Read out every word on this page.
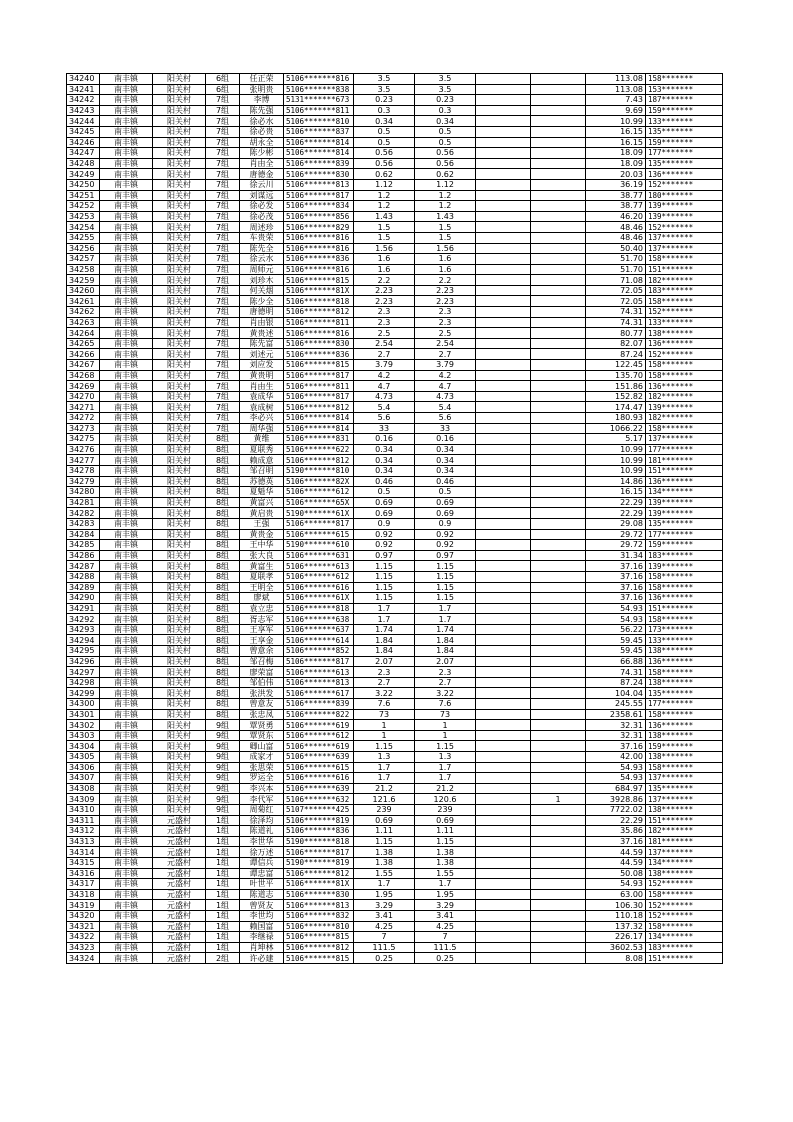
34240	南丰镇	阳关村	6组	任正荣	5106*******816	3.5	3.5			113.08	158*******
34241	南丰镇	阳关村	6组	张明贵	5106*******838	3.5	3.5			113.08	153*******
34242	南丰镇	阳关村	7组	李博	5131*******673	0.23	0.23			7.43	187*******
34243	南丰镇	阳关村	7组	陈先强	5106*******811	0.3	0.3			9.69	159*******
34244	南丰镇	阳关村	7组	徐必水	5106*******810	0.34	0.34			10.99	133*******
34245	南丰镇	阳关村	7组	徐必贵	5106*******837	0.5	0.5			16.15	135*******
34246	南丰镇	阳关村	7组	胡永全	5106*******814	0.5	0.5			16.15	159*******
34247	南丰镇	阳关村	7组	陈少彬	5106*******814	0.56	0.56			18.09	177*******
34248	南丰镇	阳关村	7组	肖由全	5106*******839	0.56	0.56			18.09	135*******
34249	南丰镇	阳关村	7组	唐德金	5106*******830	0.62	0.62			20.03	136*******
34250	南丰镇	阳关村	7组	徐云川	5106*******813	1.12	1.12			36.19	152*******
34251	南丰镇	阳关村	7组	刘谋远	5106*******817	1.2	1.2			38.77	180*******
34252	南丰镇	阳关村	7组	徐必发	5106*******834	1.2	1.2			38.77	139*******
34253	南丰镇	阳关村	7组	徐必茂	5106*******856	1.43	1.43			46.20	139*******
34254	南丰镇	阳关村	7组	周述珍	5106*******829	1.5	1.5			48.46	152*******
34255	南丰镇	阳关村	7组	车贵荣	5106*******816	1.5	1.5			48.46	137*******
34256	南丰镇	阳关村	7组	陈先全	5106*******816	1.56	1.56			50.40	137*******
34257	南丰镇	阳关村	7组	徐云水	5106*******836	1.6	1.6			51.70	158*******
34258	南丰镇	阳关村	7组	周师元	5106*******816	1.6	1.6			51.70	151*******
34259	南丰镇	阳关村	7组	刘珍木	5106*******815	2.2	2.2			71.08	182*******
34260	南丰镇	阳关村	7组	何关烟	5106*******81X	2.23	2.23			72.05	183*******
34261	南丰镇	阳关村	7组	陈少全	5106*******818	2.23	2.23			72.05	158*******
34262	南丰镇	阳关村	7组	唐德明	5106*******812	2.3	2.3			74.31	152*******
34263	南丰镇	阳关村	7组	肖由银	5106*******811	2.3	2.3			74.31	133*******
34264	南丰镇	阳关村	7组	黄贵述	5106*******816	2.5	2.5			80.77	138*******
34265	南丰镇	阳关村	7组	陈先富	5106*******830	2.54	2.54			82.07	136*******
34266	南丰镇	阳关村	7组	刘述元	5106*******836	2.7	2.7			87.24	152*******
34267	南丰镇	阳关村	7组	刘应发	5106*******815	3.79	3.79			122.45	158*******
34268	南丰镇	阳关村	7组	黄贵明	5106*******817	4.2	4.2			135.70	158*******
34269	南丰镇	阳关村	7组	肖由生	5106*******811	4.7	4.7			151.86	136*******
34270	南丰镇	阳关村	7组	袁成华	5106*******817	4.73	4.73			152.82	182*******
34271	南丰镇	阳关村	7组	袁成树	5106*******812	5.4	5.4			174.47	139*******
34272	南丰镇	阳关村	7组	李必兴	5106*******814	5.6	5.6			180.93	182*******
34273	南丰镇	阳关村	7组	周华强	5106*******814	33	33			1066.22	158*******
34275	南丰镇	阳关村	8组	黄维	5106*******831	0.16	0.16			5.17	137*******
34276	南丰镇	阳关村	8组	夏联秀	5106*******622	0.34	0.34			10.99	177*******
34277	南丰镇	阳关村	8组	赖成意	5106*******812	0.34	0.34			10.99	181*******
34278	南丰镇	阳关村	8组	邹召明	5190*******810	0.34	0.34			10.99	151*******
34279	南丰镇	阳关村	8组	苏德英	5106*******82X	0.46	0.46			14.86	136*******
34280	南丰镇	阳关村	8组	夏魁华	5106*******612	0.5	0.5			16.15	134*******
34281	南丰镇	阳关村	8组	黄富兴	5106*******65X	0.69	0.69			22.29	139*******
34282	南丰镇	阳关村	8组	黄启贵	5190*******61X	0.69	0.69			22.29	139*******
34283	南丰镇	阳关村	8组	王强	5106*******817	0.9	0.9			29.08	135*******
34284	南丰镇	阳关村	8组	黄贵金	5106*******615	0.92	0.92			29.72	177*******
34285	南丰镇	阳关村	8组	王中华	5190*******610	0.92	0.92			29.72	159*******
34286	南丰镇	阳关村	8组	张大良	5106*******631	0.97	0.97			31.34	183*******
34287	南丰镇	阳关村	8组	黄富生	5106*******613	1.15	1.15			37.16	139*******
34288	南丰镇	阳关村	8组	夏联孝	5106*******612	1.15	1.15			37.16	158*******
34289	南丰镇	阳关村	8组	王明全	5106*******616	1.15	1.15			37.16	158*******
34290	南丰镇	阳关村	8组	廖斌	5106*******61X	1.15	1.15			37.16	136*******
34291	南丰镇	阳关村	8组	袁立忠	5106*******818	1.7	1.7			54.93	151*******
34292	南丰镇	阳关村	8组	胥志军	5106*******638	1.7	1.7			54.93	158*******
34293	南丰镇	阳关村	8组	王享军	5106*******637	1.74	1.74			56.22	173*******
34294	南丰镇	阳关村	8组	王享金	5106*******614	1.84	1.84			59.45	133*******
34295	南丰镇	阳关村	8组	曾意余	5106*******852	1.84	1.84			59.45	138*******
34296	南丰镇	阳关村	8组	邹召梅	5106*******817	2.07	2.07			66.88	136*******
34297	南丰镇	阳关村	8组	廖荣富	5106*******613	2.3	2.3			74.31	158*******
34298	南丰镇	阳关村	8组	邹伯伟	5106*******813	2.7	2.7			87.24	138*******
34299	南丰镇	阳关村	8组	张洪发	5106*******617	3.22	3.22			104.04	135*******
34300	南丰镇	阳关村	8组	曾意友	5106*******839	7.6	7.6			245.55	177*******
34301	南丰镇	阳关村	8组	张忠凤	5106*******822	73	73			2358.61	158*******
34302	南丰镇	阳关村	9组	覃贤勇	5106*******619	1	1			32.31	136*******
34303	南丰镇	阳关村	9组	覃贤东	5106*******612	1	1			32.31	138*******
34304	南丰镇	阳关村	9组	卿山富	5106*******619	1.15	1.15			37.16	159*******
34305	南丰镇	阳关村	9组	成家才	5106*******639	1.3	1.3			42.00	138*******
34306	南丰镇	阳关村	9组	张思荣	5106*******615	1.7	1.7			54.93	158*******
34307	南丰镇	阳关村	9组	罗运全	5106*******616	1.7	1.7			54.93	137*******
34308	南丰镇	阳关村	9组	李兴本	5106*******639	21.2	21.2			684.97	135*******
34309	南丰镇	阳关村	9组	李代军	5106*******632	121.6	120.6		1	3928.86	137*******
34310	南丰镇	阳关村	9组	周菊红	5107*******425	239	239			7722.02	138*******
34311	南丰镇	元盛村	1组	徐泽均	5106*******819	0.69	0.69			22.29	151*******
34312	南丰镇	元盛村	1组	陈道礼	5106*******836	1.11	1.11			35.86	182*******
34313	南丰镇	元盛村	1组	李世华	5190*******818	1.15	1.15			37.16	181*******
34314	南丰镇	元盛村	1组	徐万述	5106*******817	1.38	1.38			44.59	137*******
34315	南丰镇	元盛村	1组	谭信兵	5190*******819	1.38	1.38			44.59	134*******
34316	南丰镇	元盛村	1组	谭忠富	5106*******812	1.55	1.55			50.08	138*******
34317	南丰镇	元盛村	1组	叶世平	5106*******81X	1.7	1.7			54.93	152*******
34318	南丰镇	元盛村	1组	陈道志	5106*******830	1.95	1.95			63.00	158*******
34319	南丰镇	元盛村	1组	曾贤友	5106*******813	3.29	3.29			106.30	152*******
34320	南丰镇	元盛村	1组	李世均	5106*******832	3.41	3.41			110.18	152*******
34321	南丰镇	元盛村	1组	赖国富	5106*******810	4.25	4.25			137.32	158*******
34322	南丰镇	元盛村	1组	李继禄	5106*******815	7	7			226.17	134*******
34323	南丰镇	元盛村	1组	肖坤林	5106*******812	111.5	111.5			3602.53	183*******
34324	南丰镇	元盛村	2组	许必建	5106*******815	0.25	0.25			8.08	151*******
